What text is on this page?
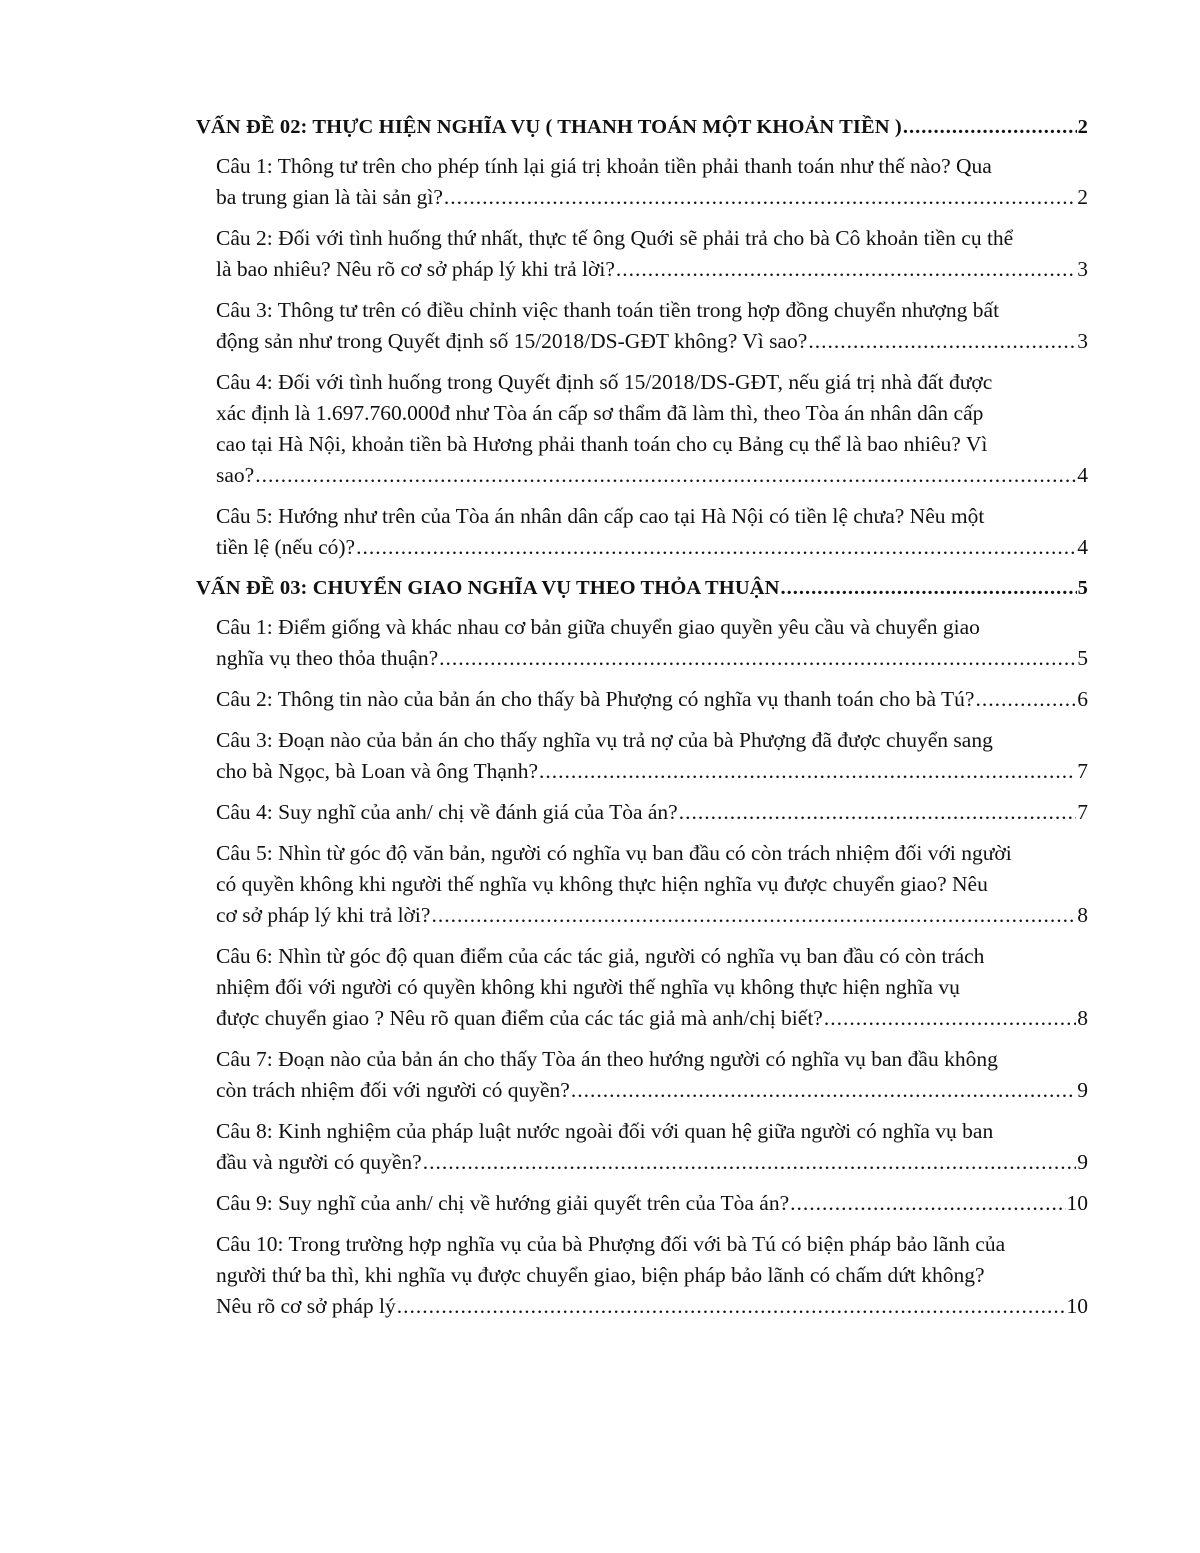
VẤN ĐỀ 02: THỰC HIỆN NGHĨA VỤ ( THANH TOÁN MỘT KHOẢN TIỀN ) .....	2
Câu 1: Thông tư trên cho phép tính lại giá trị khoản tiền phải thanh toán như thế nào? Qua
ba trung gian là tài sản gì? .....	2
Câu 2: Đối với tình huống thứ nhất, thực tế ông Quới sẽ phải trả cho bà Cô khoản tiền cụ thể
là bao nhiêu? Nêu rõ cơ sở pháp lý khi trả lời? .....	3
Câu 3: Thông tư trên có điều chỉnh việc thanh toán tiền trong hợp đồng chuyển nhượng bất
động sản như trong Quyết định số 15/2018/DS-GĐT không? Vì sao? .....	3
Câu 4: Đối với tình huống trong Quyết định số 15/2018/DS-GĐT, nếu giá trị nhà đất được
xác định là 1.697.760.000đ như Tòa án cấp sơ thẩm đã làm thì, theo Tòa án nhân dân cấp
cao tại Hà Nội, khoản tiền bà Hương phải thanh toán cho cụ Bảng cụ thể là bao nhiêu? Vì
sao? .....	4
Câu 5: Hướng như trên của Tòa án nhân dân cấp cao tại Hà Nội có tiền lệ chưa? Nêu một
tiền lệ (nếu có)? .....	4
VẤN ĐỀ 03: CHUYỂN GIAO NGHĨA VỤ THEO THỎA THUẬN .....	5
Câu 1: Điểm giống và khác nhau cơ bản giữa chuyển giao quyền yêu cầu và chuyển giao
nghĩa vụ theo thỏa thuận? .....	5
Câu 2: Thông tin nào của bản án cho thấy bà Phượng có nghĩa vụ thanh toán cho bà Tú? .....	6
Câu 3: Đoạn nào của bản án cho thấy nghĩa vụ trả nợ của bà Phượng đã được chuyển sang
cho bà Ngọc, bà Loan và ông Thạnh? .....	7
Câu 4: Suy nghĩ của anh/ chị về đánh giá của Tòa án? .....	7
Câu 5: Nhìn từ góc độ văn bản, người có nghĩa vụ ban đầu có còn trách nhiệm đối với người
có quyền không khi người thế nghĩa vụ không thực hiện nghĩa vụ được chuyển giao? Nêu
cơ sở pháp lý khi trả lời? .....	8
Câu 6: Nhìn từ góc độ quan điểm của các tác giả, người có nghĩa vụ ban đầu có còn trách
nhiệm đối với người có quyền không khi người thế nghĩa vụ không thực hiện nghĩa vụ
được chuyển giao ? Nêu rõ quan điểm của các tác giả mà anh/chị biết? .....	8
Câu 7: Đoạn nào của bản án cho thấy Tòa án theo hướng người có nghĩa vụ ban đầu không
còn trách nhiệm đối với người có quyền? .....	9
Câu 8: Kinh nghiệm của pháp luật nước ngoài đối với quan hệ giữa người có nghĩa vụ ban
đầu và người có quyền? .....	9
Câu 9: Suy nghĩ của anh/ chị về hướng giải quyết trên của Tòa án? .....	10
Câu 10: Trong trường hợp nghĩa vụ của bà Phượng đối với bà Tú có biện pháp bảo lãnh của
người thứ ba thì, khi nghĩa vụ được chuyển giao, biện pháp bảo lãnh có chấm dứt không?
Nêu rõ cơ sở pháp lý .....	10
